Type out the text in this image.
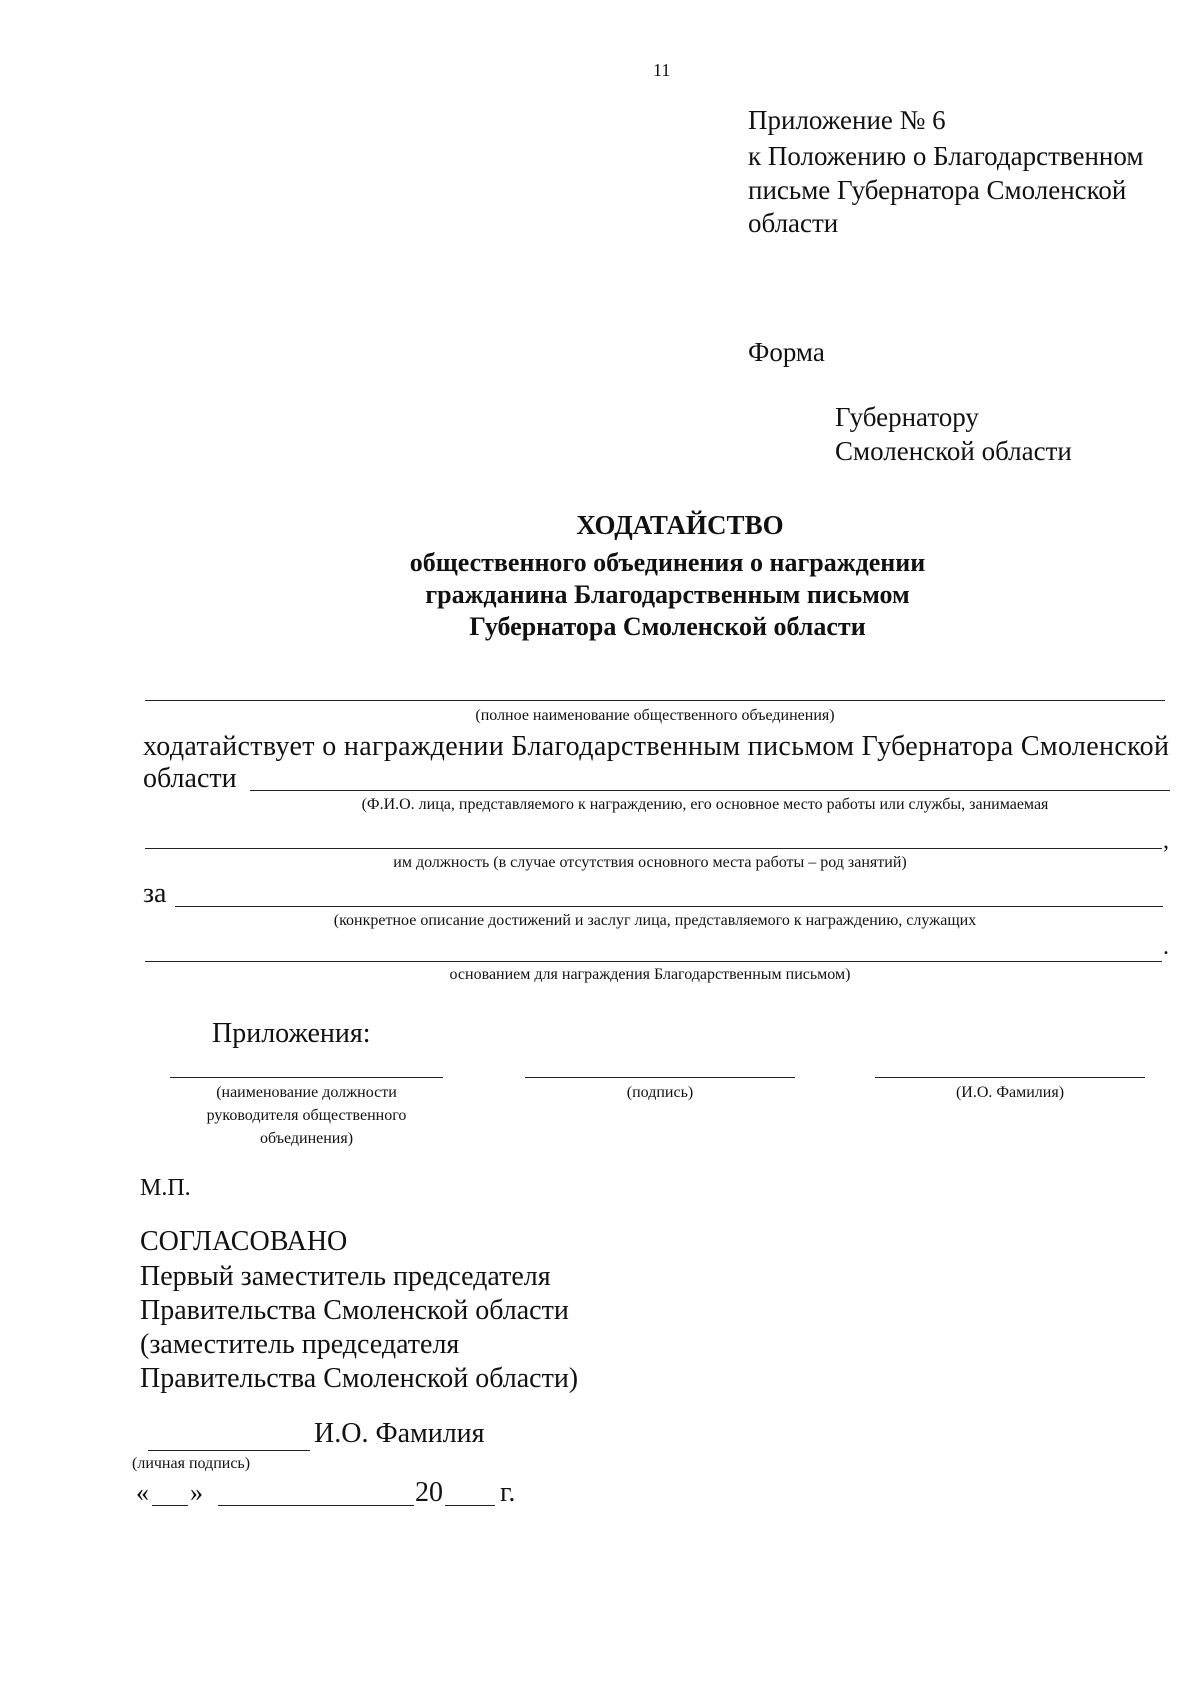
11
Приложение № 6
к Положению о Благодарственном
письме Губернатора Смоленской
области
Форма
Губернатору
Смоленской области
ХОДАТАЙСТВО
общественного объединения о награждении
гражданина Благодарственным письмом
Губернатора Смоленской области
(полное наименование общественного объединения)
ходатайствует о награждении Благодарственным письмом Губернатора Смоленской
области
(Ф.И.О. лица, представляемого к награждению, его основное место работы или службы, занимаемая
,
им должность (в случае отсутствия основного места работы – род занятий)
за
(конкретное описание достижений и заслуг лица, представляемого к награждению, служащих
.
основанием для награждения Благодарственным письмом)
Приложения:
(наименование должности
руководителя общественного
объединения)
(подпись)	(И.О. Фамилия)
М.П.
СОГЛАСОВАНО
Первый заместитель председателя
Правительства Смоленской области
(заместитель председателя
Правительства Смоленской области)
И.О. Фамилия
(личная подпись)
« »	20 г.
